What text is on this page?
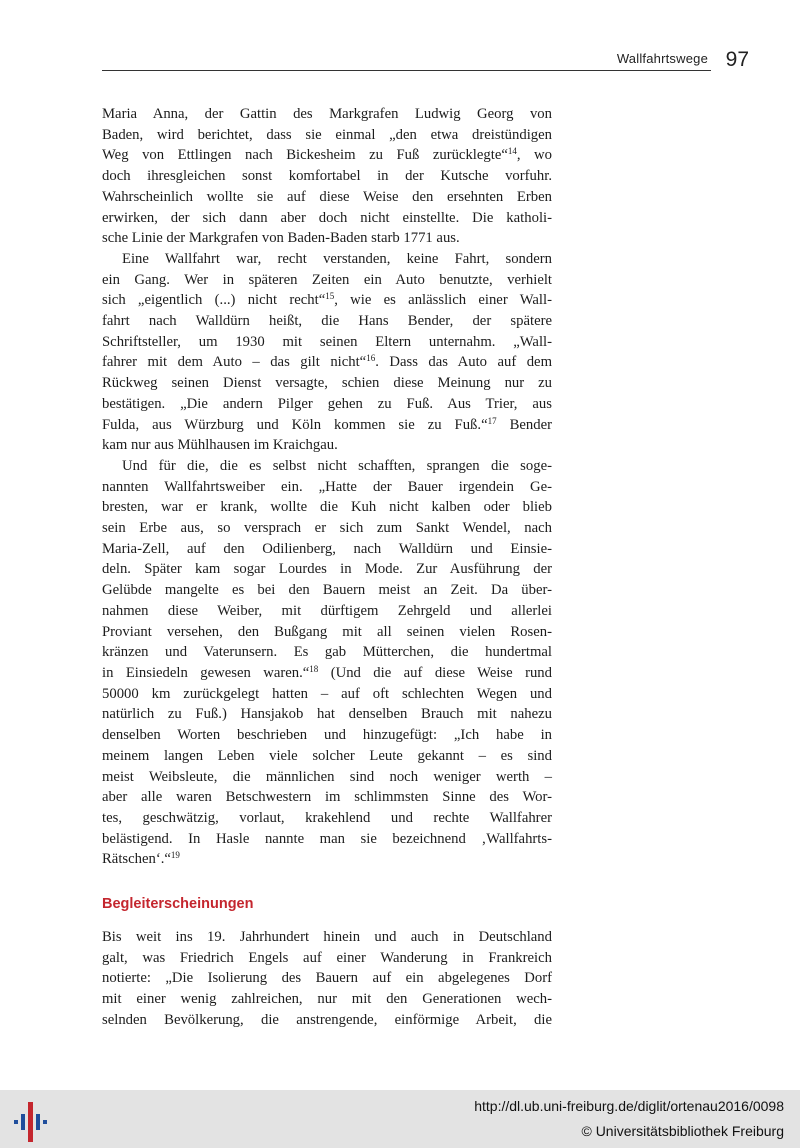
Wallfahrtswege 97
Maria Anna, der Gattin des Markgrafen Ludwig Georg von
Baden, wird berichtet, dass sie einmal „den etwa dreistündigen
Weg von Ettlingen nach Bickesheim zu Fuß zurücklegte“$^{14}$, wo
doch ihresgleichen sonst komfortabel in der Kutsche vorfuhr.
Wahrscheinlich wollte sie auf diese Weise den ersehnten Erben
erwirken, der sich dann aber doch nicht einstellte. Die katholi-
sche Linie der Markgrafen von Baden-Baden starb 1771 aus.
Eine Wallfahrt war, recht verstanden, keine Fahrt, sondern
ein Gang. Wer in späteren Zeiten ein Auto benutzte, verhielt
sich „eigentlich (...) nicht recht“$^{15}$, wie es anlässlich einer Wall-
fahrt nach Walldürn heißt, die Hans Bender, der spätere
Schriftsteller, um 1930 mit seinen Eltern unternahm. „Wall-
fahrer mit dem Auto – das gilt nicht“$^{16}$. Dass das Auto auf dem
Rückweg seinen Dienst versagte, schien diese Meinung nur zu
bestätigen. „Die andern Pilger gehen zu Fuß. Aus Trier, aus
Fulda, aus Würzburg und Köln kommen sie zu Fuß.“$^{17}$ Bender
kam nur aus Mühlhausen im Kraichgau.
Und für die, die es selbst nicht schafften, sprangen die soge-
nannten Wallfahrtsweiber ein. „Hatte der Bauer irgendein Ge-
bresten, war er krank, wollte die Kuh nicht kalben oder blieb
sein Erbe aus, so versprach er sich zum Sankt Wendel, nach
Maria-Zell, auf den Odilienberg, nach Walldürn und Einsie-
deln. Später kam sogar Lourdes in Mode. Zur Ausführung der
Gelübde mangelte es bei den Bauern meist an Zeit. Da über-
nahmen diese Weiber, mit dürftigem Zehrgeld und allerlei
Proviant versehen, den Bußgang mit all seinen vielen Rosen-
kränzen und Vaterunsern. Es gab Mütterchen, die hundertmal
in Einsiedeln gewesen waren.“$^{18}$ (Und die auf diese Weise rund
50000 km zurückgelegt hatten – auf oft schlechten Wegen und
natürlich zu Fuß.) Hansjakob hat denselben Brauch mit nahezu
denselben Worten beschrieben und hinzugefügt: „Ich habe in
meinem langen Leben viele solcher Leute gekannt – es sind
meist Weibsleute, die männlichen sind noch weniger werth –
aber alle waren Betschwestern im schlimmsten Sinne des Wor-
tes, geschwätzig, vorlaut, krakehlend und rechte Wallfahrer
belästigend. In Hasle nannte man sie bezeichnend ‚Wallfahrts-
Rätschen‘.“$^{19}$
Begleiterscheinungen
Bis weit ins 19. Jahrhundert hinein und auch in Deutschland
galt, was Friedrich Engels auf einer Wanderung in Frankreich
notierte: „Die Isolierung des Bauern auf ein abgelegenes Dorf
mit einer wenig zahlreichen, nur mit den Generationen wech-
selnden Bevölkerung, die anstrengende, einförmige Arbeit, die
http://dl.ub.uni-freiburg.de/diglit/ortenau2016/0098
© Universitätsbibliothek Freiburg
